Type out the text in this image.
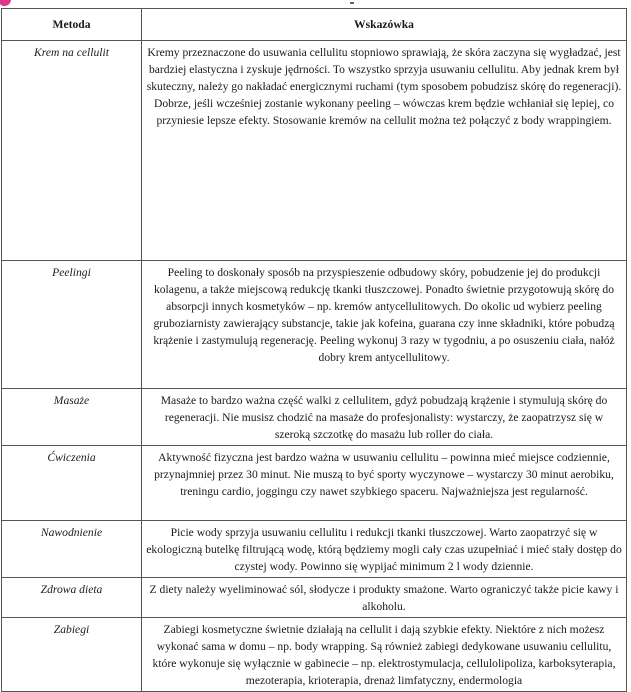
Metoda	Wskazówka
Krem na cellulit	Kremy przeznaczone do usuwania cellulitu stopniowo sprawiają, że skóra zaczyna się wygładzać, jest bardziej elastyczna i zyskuje jędrności. To wszystko sprzyja usuwaniu cellulitu. Aby jednak krem był skuteczny, należy go nakładać energicznymi ruchami (tym sposobem pobudzisz skórę do regeneracji). Dobrze, jeśli wcześniej zostanie wykonany peeling – wówczas krem będzie wchłaniał się lepiej, co przyniesie lepsze efekty. Stosowanie kremów na cellulit można też połączyć z body wrappingiem.
Peelingi	Peeling to doskonały sposób na przyspieszenie odbudowy skóry, pobudzenie jej do produkcji kolagenu, a także miejscową redukcję tkanki tłuszczowej. Ponadto świetnie przygotowują skórę do absorpcji innych kosmetyków – np. kremów antycellulitowych. Do okolic ud wybierz peeling gruboziarnisty zawierający substancje, takie jak kofeina, guarana czy inne składniki, które pobudzą krążenie i zastymulują regenerację. Peeling wykonuj 3 razy w tygodniu, a po osuszeniu ciała, nałóż dobry krem antycellulitowy.
Masaże	Masaże to bardzo ważna część walki z cellulitem, gdyż pobudzają krążenie i stymulują skórę do regeneracji. Nie musisz chodzić na masaże do profesjonalisty: wystarczy, że zaopatrzysz się w szeroką szczotkę do masażu lub roller do ciała.
Ćwiczenia	Aktywność fizyczna jest bardzo ważna w usuwaniu cellulitu – powinna mieć miejsce codziennie, przynajmniej przez 30 minut. Nie muszą to być sporty wyczynowe – wystarczy 30 minut aerobiku, treningu cardio, joggingu czy nawet szybkiego spaceru. Najważniejsza jest regularność.
Nawodnienie	Picie wody sprzyja usuwaniu cellulitu i redukcji tkanki tłuszczowej. Warto zaopatrzyć się w ekologiczną butelkę filtrującą wodę, którą będziemy mogli cały czas uzupełniać i mieć stały dostęp do czystej wody. Powinno się wypijać minimum 2 l wody dziennie.
Zdrowa dieta	Z diety należy wyeliminować sól, słodycze i produkty smażone. Warto ograniczyć także picie kawy i alkoholu.
Zabiegi	Zabiegi kosmetyczne świetnie działają na cellulit i dają szybkie efekty. Niektóre z nich możesz wykonać sama w domu – np. body wrapping. Są również zabiegi dedykowane usuwaniu cellulitu, które wykonuje się wyłącznie w gabinecie – np. elektrostymulacja, cellulolipoliza, karboksyterapia, mezoterapia, krioterapia, drenaż limfatyczny, endermologia
